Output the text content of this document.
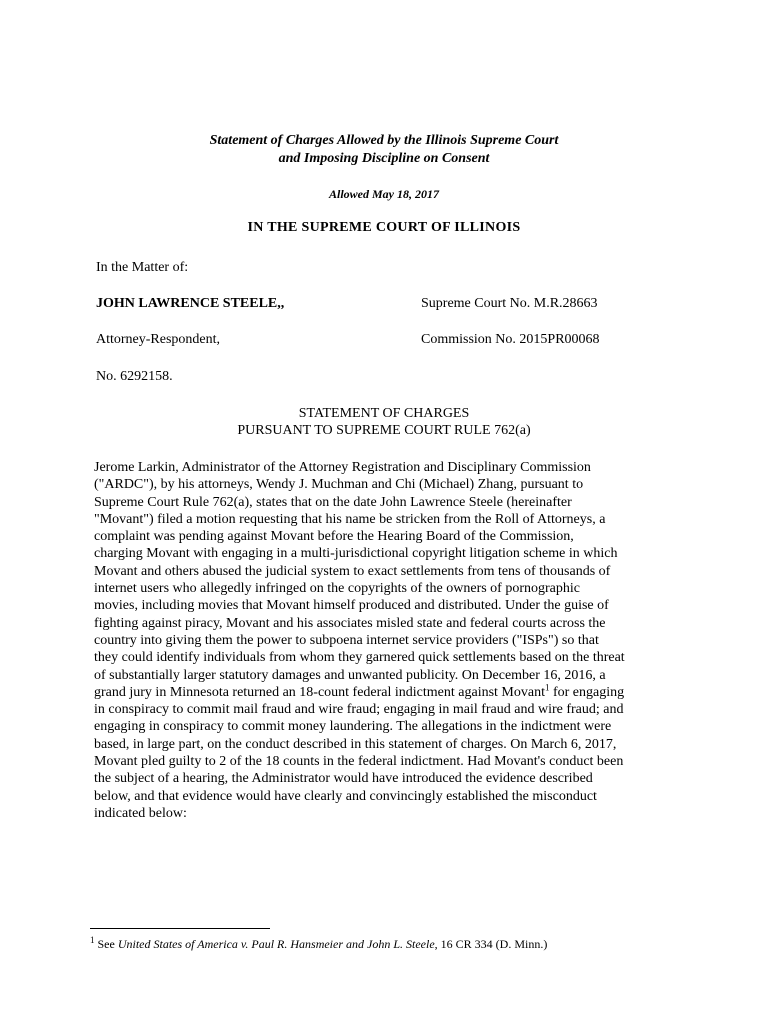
Statement of Charges Allowed by the Illinois Supreme Court
and Imposing Discipline on Consent
Allowed May 18, 2017
IN THE SUPREME COURT OF ILLINOIS
In the Matter of:
JOHN LAWRENCE STEELE,,	Supreme Court No. M.R.28663
Attorney-Respondent,	Commission No. 2015PR00068
No. 6292158.
STATEMENT OF CHARGES
PURSUANT TO SUPREME COURT RULE 762(a)
Jerome Larkin, Administrator of the Attorney Registration and Disciplinary Commission
("ARDC"), by his attorneys, Wendy J. Muchman and Chi (Michael) Zhang, pursuant to
Supreme Court Rule 762(a), states that on the date John Lawrence Steele (hereinafter
"Movant") filed a motion requesting that his name be stricken from the Roll of Attorneys, a
complaint was pending against Movant before the Hearing Board of the Commission,
charging Movant with engaging in a multi-jurisdictional copyright litigation scheme in which
Movant and others abused the judicial system to exact settlements from tens of thousands of
internet users who allegedly infringed on the copyrights of the owners of pornographic
movies, including movies that Movant himself produced and distributed. Under the guise of
fighting against piracy, Movant and his associates misled state and federal courts across the
country into giving them the power to subpoena internet service providers ("ISPs") so that
they could identify individuals from whom they garnered quick settlements based on the threat
of substantially larger statutory damages and unwanted publicity. On December 16, 2016, a
grand jury in Minnesota returned an 18-count federal indictment against Movant$^1$ for engaging
in conspiracy to commit mail fraud and wire fraud; engaging in mail fraud and wire fraud; and
engaging in conspiracy to commit money laundering. The allegations in the indictment were
based, in large part, on the conduct described in this statement of charges. On March 6, 2017,
Movant pled guilty to 2 of the 18 counts in the federal indictment. Had Movant's conduct been
the subject of a hearing, the Administrator would have introduced the evidence described
below, and that evidence would have clearly and convincingly established the misconduct
indicated below:
$^1$ See United States of America v. Paul R. Hansmeier and John L. Steele, 16 CR 334 (D. Minn.)
